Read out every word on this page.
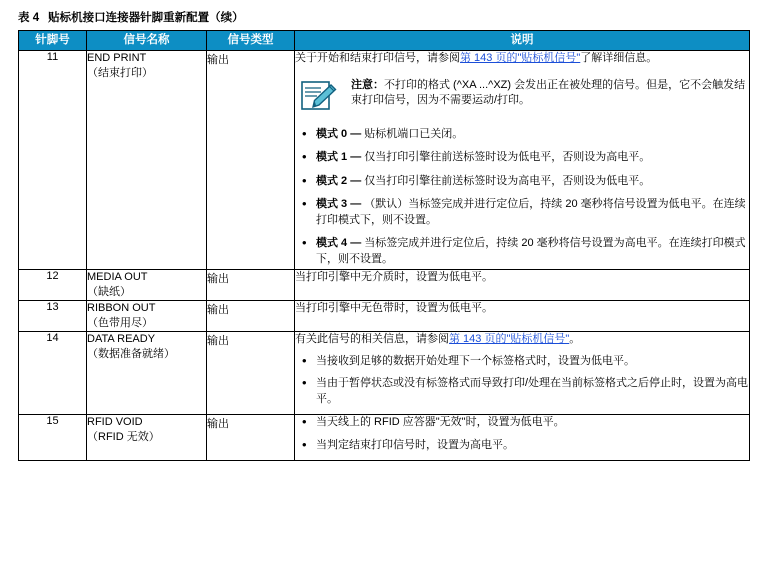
表 4 贴标机接口连接器针脚重新配置（续）
针脚号	信号名称	信号类型	说明
11	END PRINT
（结束打印）
	输出	关于开始和结束打印信号，请参阅第 143 页的"贴标机信号"了解详细信息。
注意：不打印的格式 (^XA ...^XZ) 会发出正在被处理的信号。但是，它不会触发结束打印信号，因为不需要运动/打印。
• 模式 0 — 贴标机端口已关闭。
• 模式 1 — 仅当打印引擎往前送标签时设为低电平，否则设为高电平。
• 模式 2 — 仅当打印引擎往前送标签时设为高电平，否则设为低电平。
• 模式 3 — （默认）当标签完成并进行定位后，持续 20 毫秒将信号设置为低电平。在连续打印模式下，则不设置。
• 模式 4 — 当标签完成并进行定位后，持续 20 毫秒将信号设置为高电平。在连续打印模式下，则不设置。

12	MEDIA OUT
（缺纸）	输出	当打印引擎中无介质时，设置为低电平。
13	RIBBON OUT
（色带用尽）	输出	当打印引擎中无色带时，设置为低电平。
14	DATA READY
（数据准备就绪）
	输出	有关此信号的相关信息，请参阅第 143 页的"贴标机信号"。
• 当接收到足够的数据开始处理下一个标签格式时，设置为低电平。
• 当由于暂停状态或没有标签格式而导致打印/处理在当前标签格式之后停止时，设置为高电平。

15	RFID VOID
（RFID 无效）
	输出	
•当天线上的 RFID 应答器"无效"时，设置为低电平。
• 当判定结束打印信号时，设置为高电平。
